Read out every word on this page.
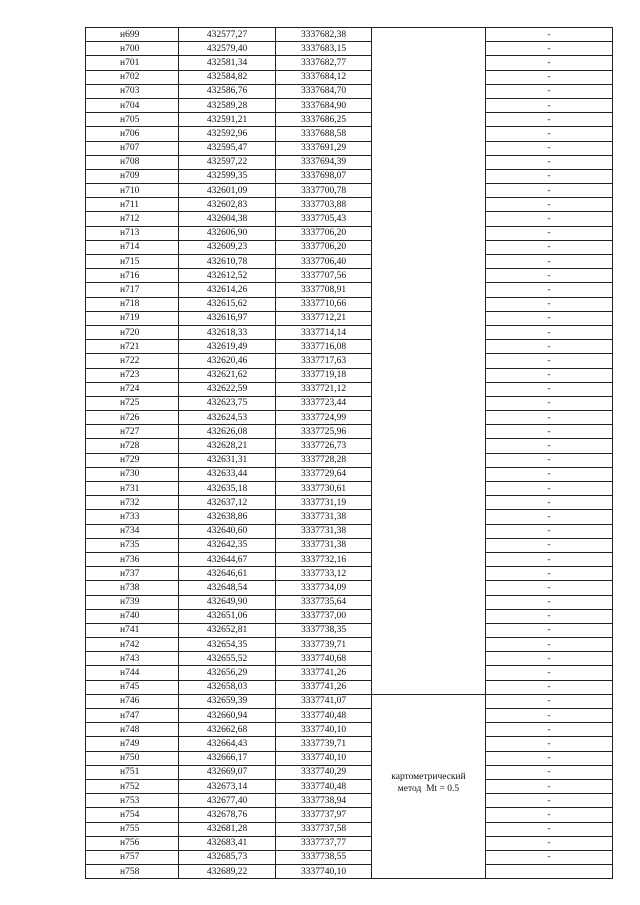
н699	432577,27	3337682,38		-	
н700	432579,40	3337683,15		-	
н701	432581,34	3337682,77		-	
н702	432584,82	3337684,12		-	
н703	432586,76	3337684,70		-	
н704	432589,28	3337684,90		-	
н705	432591,21	3337686,25		-	
н706	432592,96	3337688,58		-	
н707	432595,47	3337691,29		-	
н708	432597,22	3337694,39		-	
н709	432599,35	3337698,07		-	
н710	432601,09	3337700,78		-	
н711	432602,83	3337703,88		-	
н712	432604,38	3337705,43		-	
н713	432606,90	3337706,20		-	
н714	432609,23	3337706,20		-	
н715	432610,78	3337706,40		-	
н716	432612,52	3337707,56		-	
н717	432614,26	3337708,91		-	
н718	432615,62	3337710,66		-	
н719	432616,97	3337712,21		-	
н720	432618,33	3337714,14		-	
н721	432619,49	3337716,08		-	
н722	432620,46	3337717,63		-	
н723	432621,62	3337719,18		-	
н724	432622,59	3337721,12		-	
н725	432623,75	3337723,44		-	
н726	432624,53	3337724,99		-	
н727	432626,08	3337725,96		-	
н728	432628,21	3337726,73		-	
н729	432631,31	3337728,28		-	
н730	432633,44	3337729,64		-	
н731	432635,18	3337730,61		-	
н732	432637,12	3337731,19		-	
н733	432638,86	3337731,38		-	
н734	432640,60	3337731,38		-	
н735	432642,35	3337731,38		-	
н736	432644,67	3337732,16		-	
н737	432646,61	3337733,12		-	
н738	432648,54	3337734,09		-	
н739	432649,90	3337735,64		-	
н740	432651,06	3337737,00		-	
н741	432652,81	3337738,35		-	
н742	432654,35	3337739,71		-	
н743	432655,52	3337740,68		-	
н744	432656,29	3337741,26		-	
н745	432658,03	3337741,26		-	
н746	432659,39	3337741,07	картометрический
метод  Mt = 0.5	-	
н747	432660,94	3337740,48		-	
н748	432662,68	3337740,10		-	
н749	432664,43	3337739,71		-	
н750	432666,17	3337740,10		-	
н751	432669,07	3337740,29		-	
н752	432673,14	3337740,48		-	
н753	432677,40	3337738,94		-	
н754	432678,76	3337737,97		-	
н755	432681,28	3337737,58		-	
н756	432683,41	3337737,77		-	
н757	432685,73	3337738,55		-	
н758	432689,22	3337740,10		
